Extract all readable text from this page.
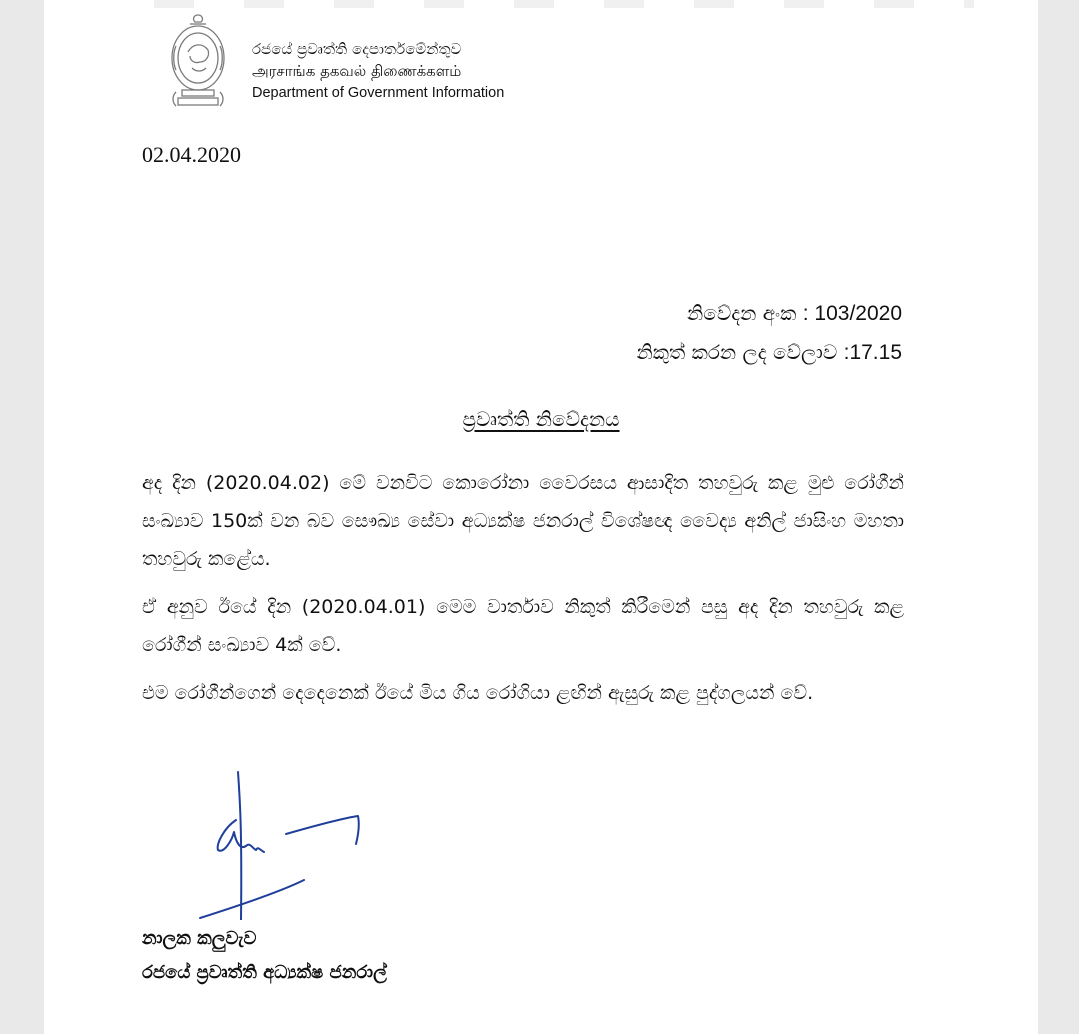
රජයේ ප්‍රවෘත්ති දෙපාර්තමේන්තුව
அரசாங்க தகவல் திணைக்களம்
Department of Government Information
02.04.2020
නිවේදන අංක : 103/2020
නිකුත් කරන ලද වේලාව :17.15
ප්‍රවෘත්ති නිවේදනය

අද දින (2020.04.02) මේ වනවිට කොරෝනා වෛරසය ආසාදිත තහවුරු කළ මුළු රෝගීන් සංඛ්‍යාව 150ක් වන බව සෞඛ්‍ය සේවා අධ්‍යක්ෂ ජනරාල් විශේෂඥ වෛද්‍ය අනිල් ජාසිංහ මහතා තහවුරු කළේය.

ඒ අනුව ඊයේ දින (2020.04.01) මෙම වාර්තාව නිකුත් කිරීමෙන් පසු අද දින තහවුරු කළ රෝගීන් සංඛ්‍යාව 4ක් වේ.

එම රෝගීන්ගෙන් දෙදෙනෙක් ඊයේ මිය ගිය රෝගියා ළඟින් ඇසුරු කළ පුද්ගලයන් වේ.

නාලක කලුවැව
රජයේ ප්‍රවෘත්ති අධ්‍යක්ෂ ජනරාල්
